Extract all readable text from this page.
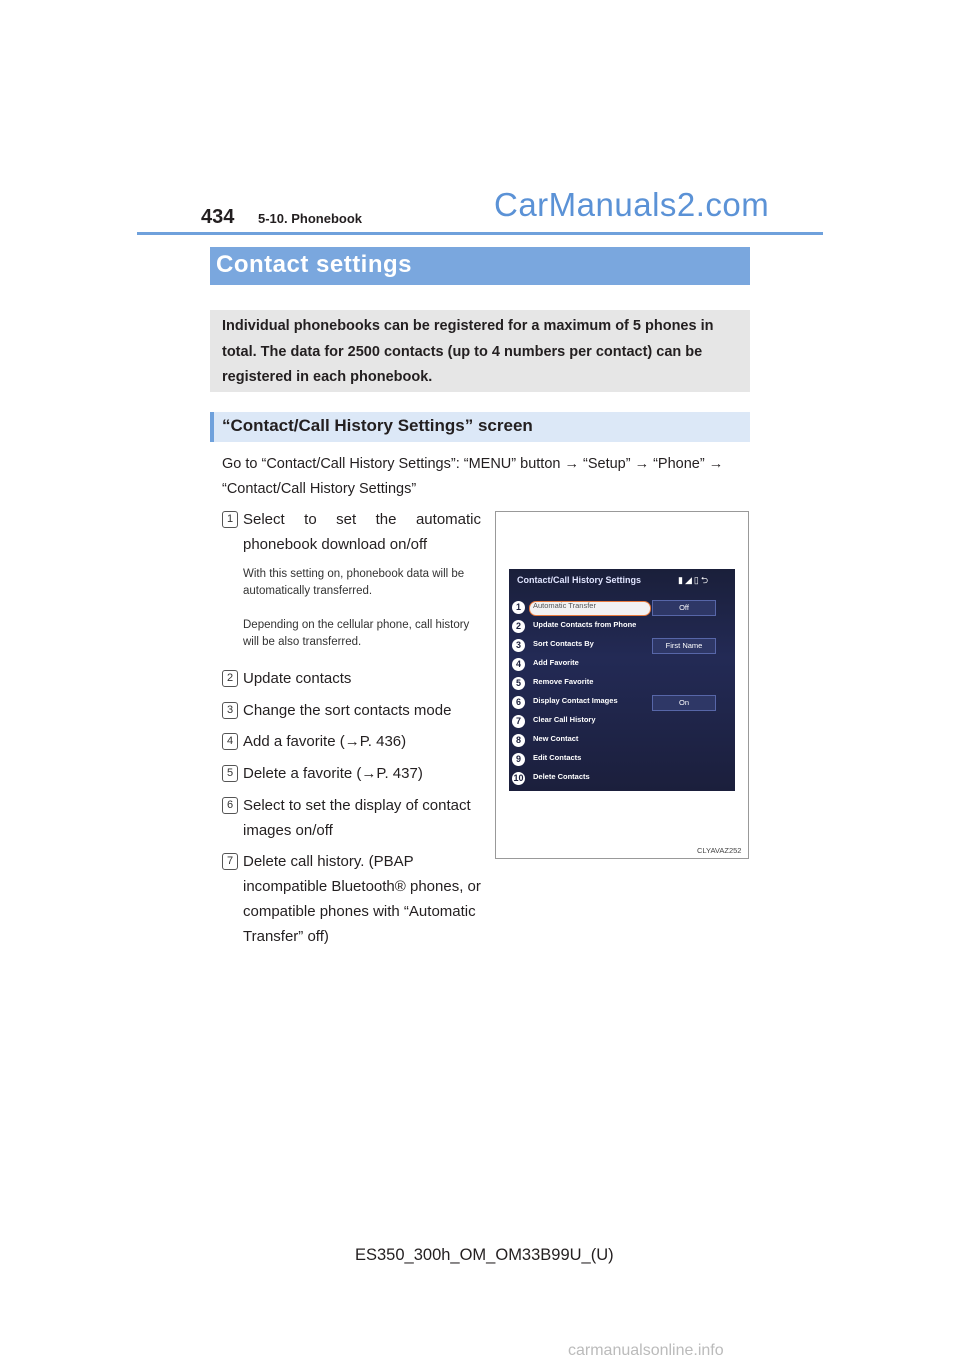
434 5-10. Phonebook	CarManuals2.com
Contact settings
Individual phonebooks can be registered for a maximum of 5 phones in total. The data for 2500 contacts (up to 4 numbers per contact) can be registered in each phonebook.
“Contact/Call History Settings” screen
Go to “Contact/Call History Settings”: “MENU” button → “Setup” → “Phone” → “Contact/Call History Settings”
1 Select to set the automatic phonebook download on/off
With this setting on, phonebook data will be automatically transferred.
Depending on the cellular phone, call history will be also transferred.
2 Update contacts
3 Change the sort contacts mode
4 Add a favorite (→P. 436)
5 Delete a favorite (→P. 437)
6 Select to set the display of contact images on/off
7 Delete call history. (PBAP incompatible Bluetooth® phones, or compatible phones with “Automatic Transfer” off)
Contact/Call History Settings	▮◢▯⮌
1	Automatic Transfer	Off
2	Update Contacts from Phone
3	Sort Contacts By	First Name
4	Add Favorite
5	Remove Favorite
6	Display Contact Images	On
7	Clear Call History
8	New Contact
9	Edit Contacts
10 Delete Contacts
CLYAVAZ252
ES350_300h_OM_OM33B99U_(U)
carmanualsonline.info
